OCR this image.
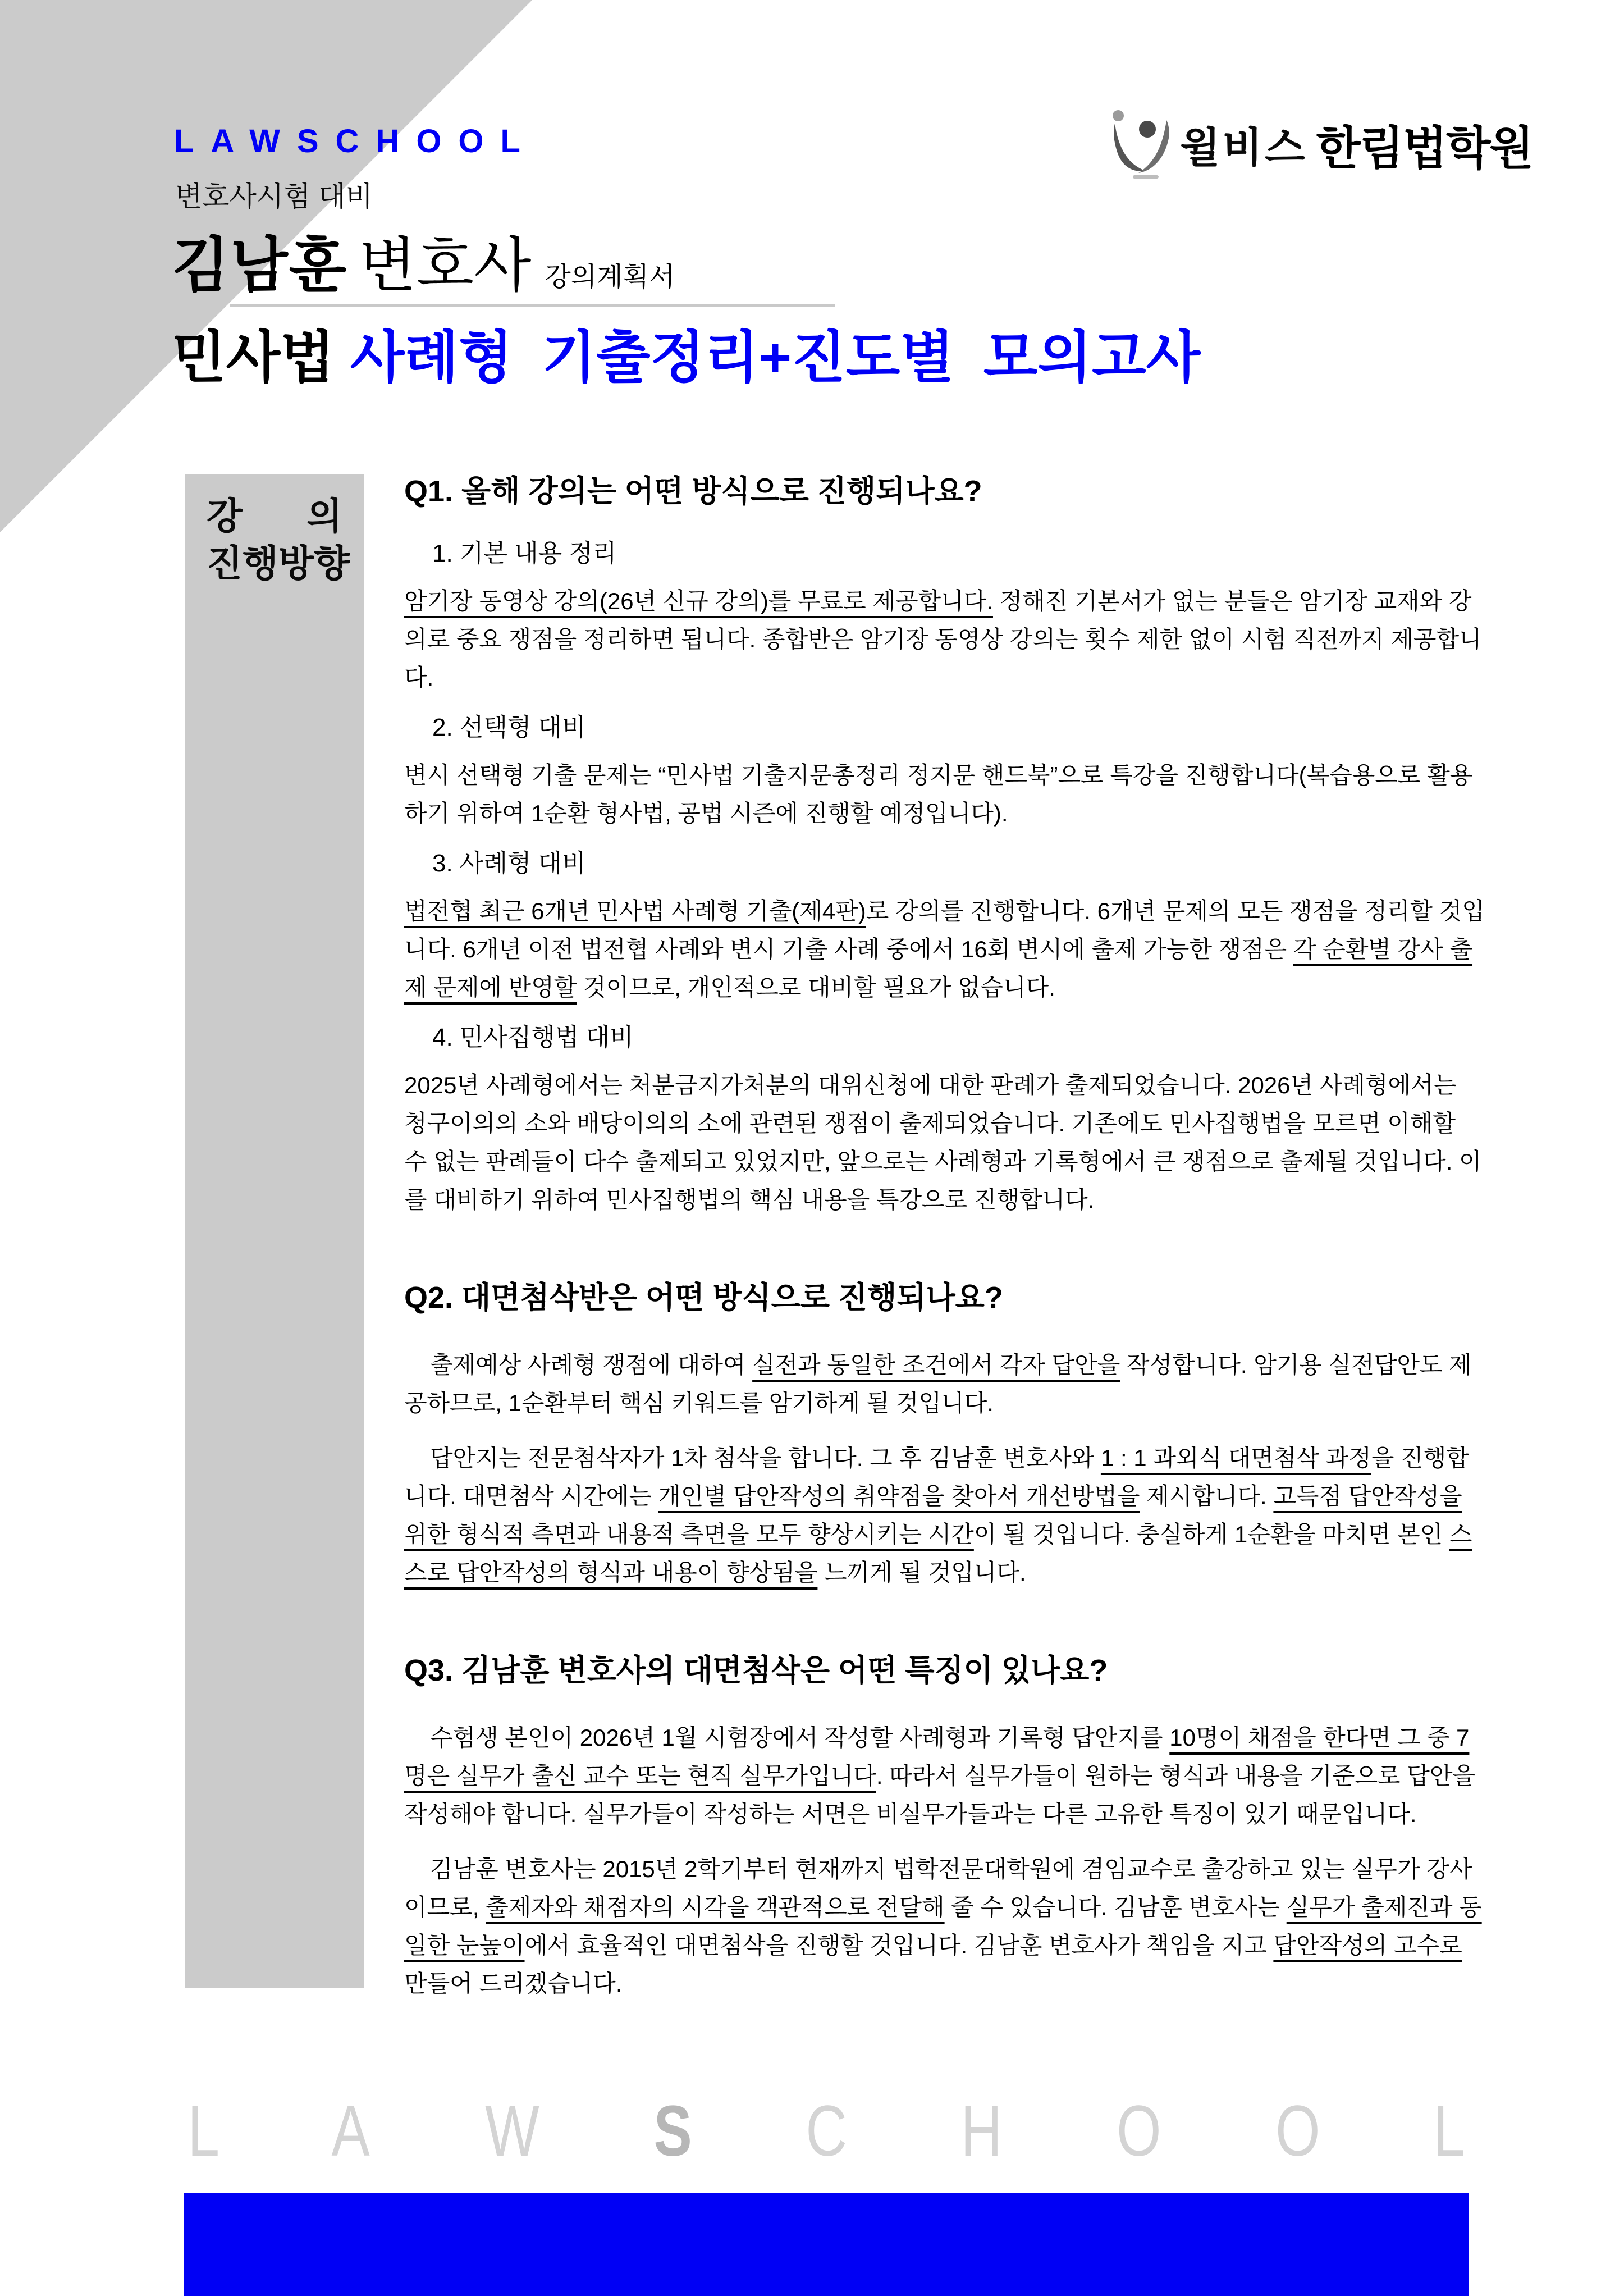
LAWSCHOOL
변호사시험 대비
김남훈 변호사 강의계획서
민사법 사례형 기출정리+진도별 모의고사
윌비스 한림법학원
강 의
진 행 방 향
Q1. 올해 강의는 어떤 방식으로 진행되나요?
1. 기본 내용 정리
암기장 동영상 강의(26년 신규 강의)를 무료로 제공합니다. 정해진 기본서가 없는 분들은 암기장 교재와 강의로 중요 쟁점을 정리하면 됩니다. 종합반은 암기장 동영상 강의는 횟수 제한 없이 시험 직전까지 제공합니다.
2. 선택형 대비
변시 선택형 기출 문제는 “민사법 기출지문총정리 정지문 핸드북”으로 특강을 진행합니다(복습용으로 활용하기 위하여 1순환 형사법, 공법 시즌에 진행할 예정입니다).
3. 사례형 대비
법전협 최근 6개년 민사법 사례형 기출(제4판)로 강의를 진행합니다. 6개년 문제의 모든 쟁점을 정리할 것입니다. 6개년 이전 법전협 사례와 변시 기출 사례 중에서 16회 변시에 출제 가능한 쟁점은 각 순환별 강사 출제 문제에 반영할 것이므로, 개인적으로 대비할 필요가 없습니다.
4. 민사집행법 대비
2025년 사례형에서는 처분금지가처분의 대위신청에 대한 판례가 출제되었습니다. 2026년 사례형에서는 청구이의의 소와 배당이의의 소에 관련된 쟁점이 출제되었습니다. 기존에도 민사집행법을 모르면 이해할 수 없는 판례들이 다수 출제되고 있었지만, 앞으로는 사례형과 기록형에서 큰 쟁점으로 출제될 것입니다. 이를 대비하기 위하여 민사집행법의 핵심 내용을 특강으로 진행합니다.
Q2. 대면첨삭반은 어떤 방식으로 진행되나요?
출제예상 사례형 쟁점에 대하여 실전과 동일한 조건에서 각자 답안을 작성합니다. 암기용 실전답안도 제공하므로, 1순환부터 핵심 키워드를 암기하게 될 것입니다.
답안지는 전문첨삭자가 1차 첨삭을 합니다. 그 후 김남훈 변호사와 1 : 1 과외식 대면첨삭 과정을 진행합니다. 대면첨삭 시간에는 개인별 답안작성의 취약점을 찾아서 개선방법을 제시합니다. 고득점 답안작성을 위한 형식적 측면과 내용적 측면을 모두 향상시키는 시간이 될 것입니다. 충실하게 1순환을 마치면 본인 스스로 답안작성의 형식과 내용이 향상됨을 느끼게 될 것입니다.
Q3. 김남훈 변호사의 대면첨삭은 어떤 특징이 있나요?
수험생 본인이 2026년 1월 시험장에서 작성할 사례형과 기록형 답안지를 10명이 채점을 한다면 그 중 7명은 실무가 출신 교수 또는 현직 실무가입니다. 따라서 실무가들이 원하는 형식과 내용을 기준으로 답안을 작성해야 합니다. 실무가들이 작성하는 서면은 비실무가들과는 다른 고유한 특징이 있기 때문입니다.
김남훈 변호사는 2015년 2학기부터 현재까지 법학전문대학원에 겸임교수로 출강하고 있는 실무가 강사이므로, 출제자와 채점자의 시각을 객관적으로 전달해 줄 수 있습니다. 김남훈 변호사는 실무가 출제진과 동일한 눈높이에서 효율적인 대면첨삭을 진행할 것입니다. 김남훈 변호사가 책임을 지고 답안작성의 고수로 만들어 드리겠습니다.
L A W S C H O O L
